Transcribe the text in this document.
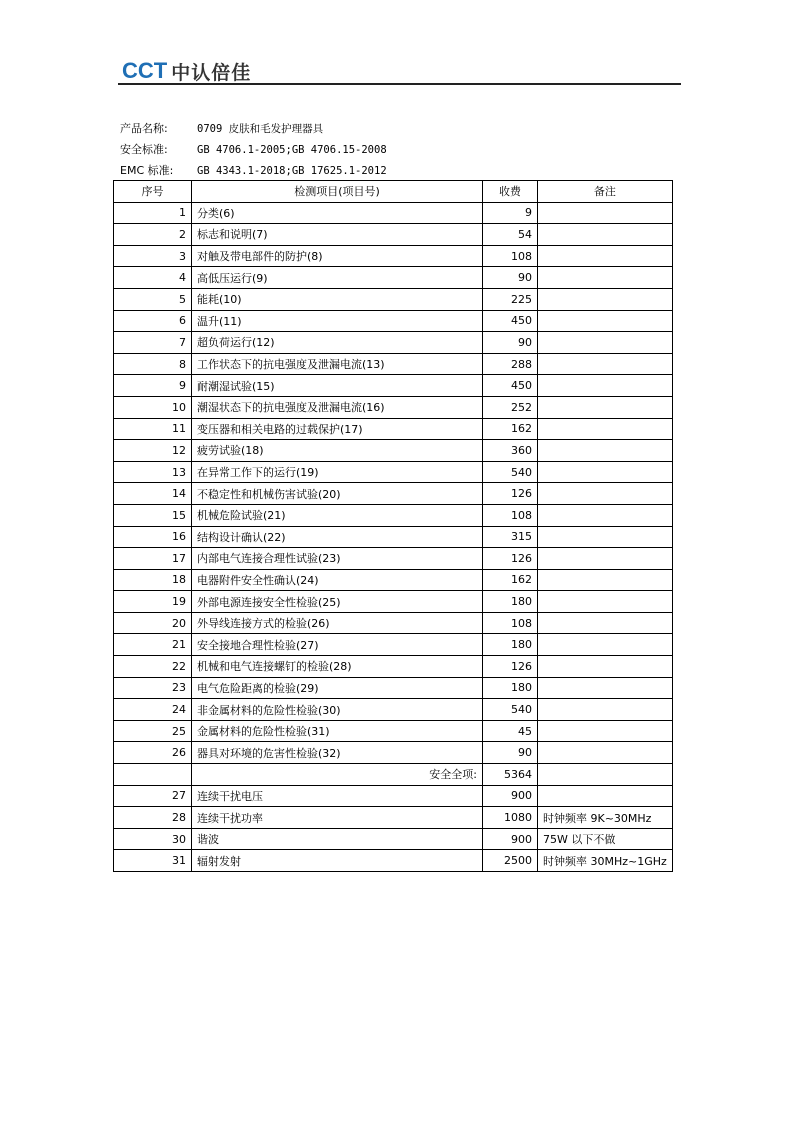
CCT 中认倍佳
产品名称:	0709 皮肤和毛发护理器具
安全标准:	GB 4706.1-2005;GB 4706.15-2008
EMC 标准: GB 4343.1-2018;GB 17625.1-2012
序号	检测项目(项目号)	收费	备注
1	分类(6)	9	
2	标志和说明(7)	54	
3	对触及带电部件的防护(8)	108	
4	高低压运行(9)	90	
5	能耗(10)	225	
6	温升(11)	450	
7	超负荷运行(12)	90	
8	工作状态下的抗电强度及泄漏电流(13)	288	
9	耐潮湿试验(15)	450	
10	潮湿状态下的抗电强度及泄漏电流(16)	252	
11	变压器和相关电路的过载保护(17)	162	
12	疲劳试验(18)	360	
13	在异常工作下的运行(19)	540	
14	不稳定性和机械伤害试验(20)	126	
15	机械危险试验(21)	108	
16	结构设计确认(22)	315	
17	内部电气连接合理性试验(23)	126	
18	电器附件安全性确认(24)	162	
19	外部电源连接安全性检验(25)	180	
20	外导线连接方式的检验(26)	108	
21	安全接地合理性检验(27)	180	
22	机械和电气连接螺钉的检验(28)	126	
23	电气危险距离的检验(29)	180	
24	非金属材料的危险性检验(30)	540	
25	金属材料的危险性检验(31)	45	
26	器具对环境的危害性检验(32)	90	
	安全全项:	5364	
27	连续干扰电压	900	
28	连续干扰功率	1080	时钟频率 9K~30MHz
30	谐波	900	75W 以下不做
31	辐射发射	2500	时钟频率 30MHz~1GHz
